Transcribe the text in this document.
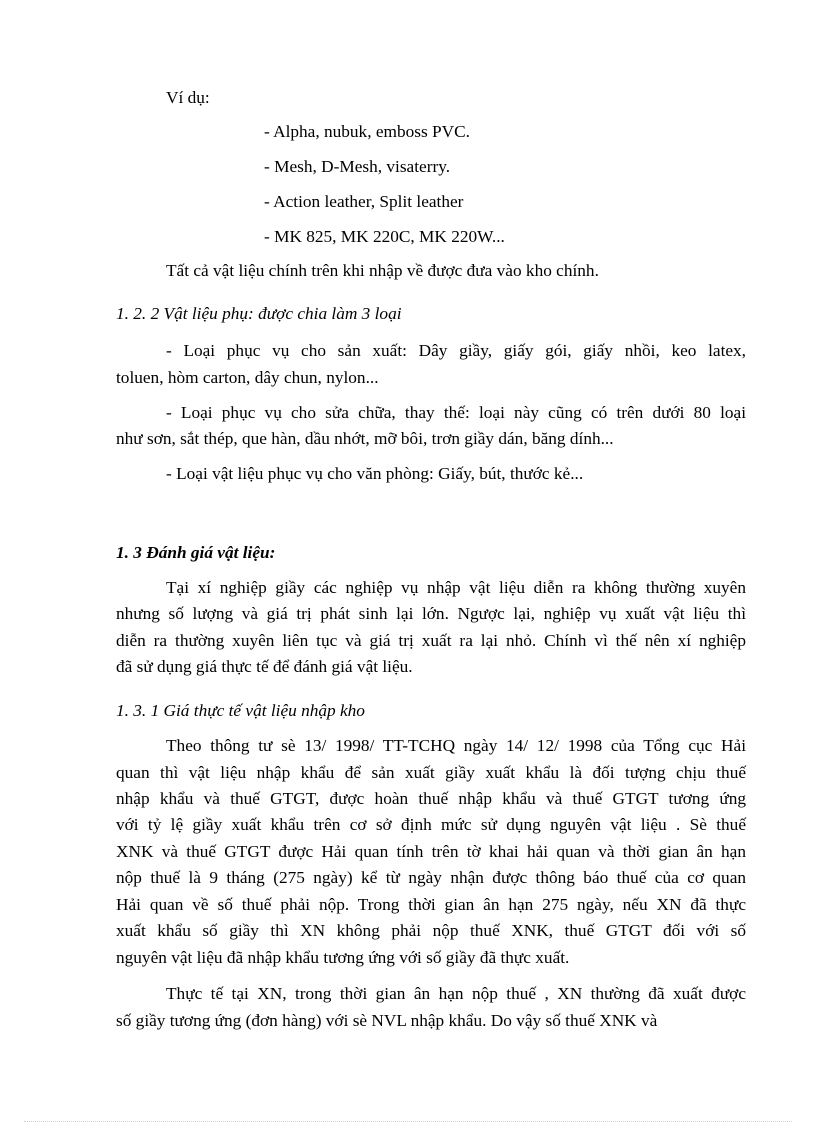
Ví dụ:
- Alpha, nubuk, emboss PVC.
- Mesh, D-Mesh, visaterry.
- Action leather, Split leather
- MK 825, MK 220C, MK 220W...
Tất cả vật liệu chính trên khi nhập về được đưa vào kho chính.
1. 2. 2 Vật liệu phụ: được chia làm 3 loại
- Loại phục vụ cho sản xuất: Dây giầy, giấy gói, giấy nhồi, keo latex,
toluen, hòm carton, dây chun, nylon...
- Loại phục vụ cho sửa chữa, thay thế: loại này cũng có trên dưới 80 loại
như sơn, sắt thép, que hàn, dầu nhớt, mỡ bôi, trơn giầy dán, băng dính...
- Loại vật liệu phục vụ cho văn phòng: Giấy, bút, thước kẻ...
1. 3 Đánh giá vật liệu:
Tại xí nghiệp giầy các nghiệp vụ nhập vật liệu diễn ra không thường xuyên
nhưng số lượng và giá trị phát sinh lại lớn. Ngược lại, nghiệp vụ xuất vật liệu thì
diễn ra thường xuyên liên tục và giá trị xuất ra lại nhỏ. Chính vì thế nên xí nghiệp
đã sử dụng giá thực tế để đánh giá vật liệu.
1. 3. 1 Giá thực tế vật liệu nhập kho
Theo thông tư sè 13/ 1998/ TT-TCHQ ngày 14/ 12/ 1998 của Tổng cục Hải
quan thì vật liệu nhập khẩu để sản xuất giầy xuất khẩu là đối tượng chịu thuế
nhập khẩu và thuế GTGT, được hoàn thuế nhập khẩu và thuế GTGT tương ứng
với tỷ lệ giầy xuất khẩu trên cơ sở định mức sử dụng nguyên vật liệu . Sè thuế
XNK và thuế GTGT được Hải quan tính trên tờ khai hải quan và thời gian ân hạn
nộp thuế là 9 tháng (275 ngày) kể từ ngày nhận được thông báo thuế của cơ quan
Hải quan về số thuế phải nộp. Trong thời gian ân hạn 275 ngày, nếu XN đã thực
xuất khẩu số giầy thì XN không phải nộp thuế XNK, thuế GTGT đối với số
nguyên vật liệu đã nhập khẩu tương ứng với số giầy đã thực xuất.
Thực tế tại XN, trong thời gian ân hạn nộp thuế , XN thường đã xuất được
số giầy tương ứng (đơn hàng) với sè NVL nhập khẩu. Do vậy số thuế XNK và
